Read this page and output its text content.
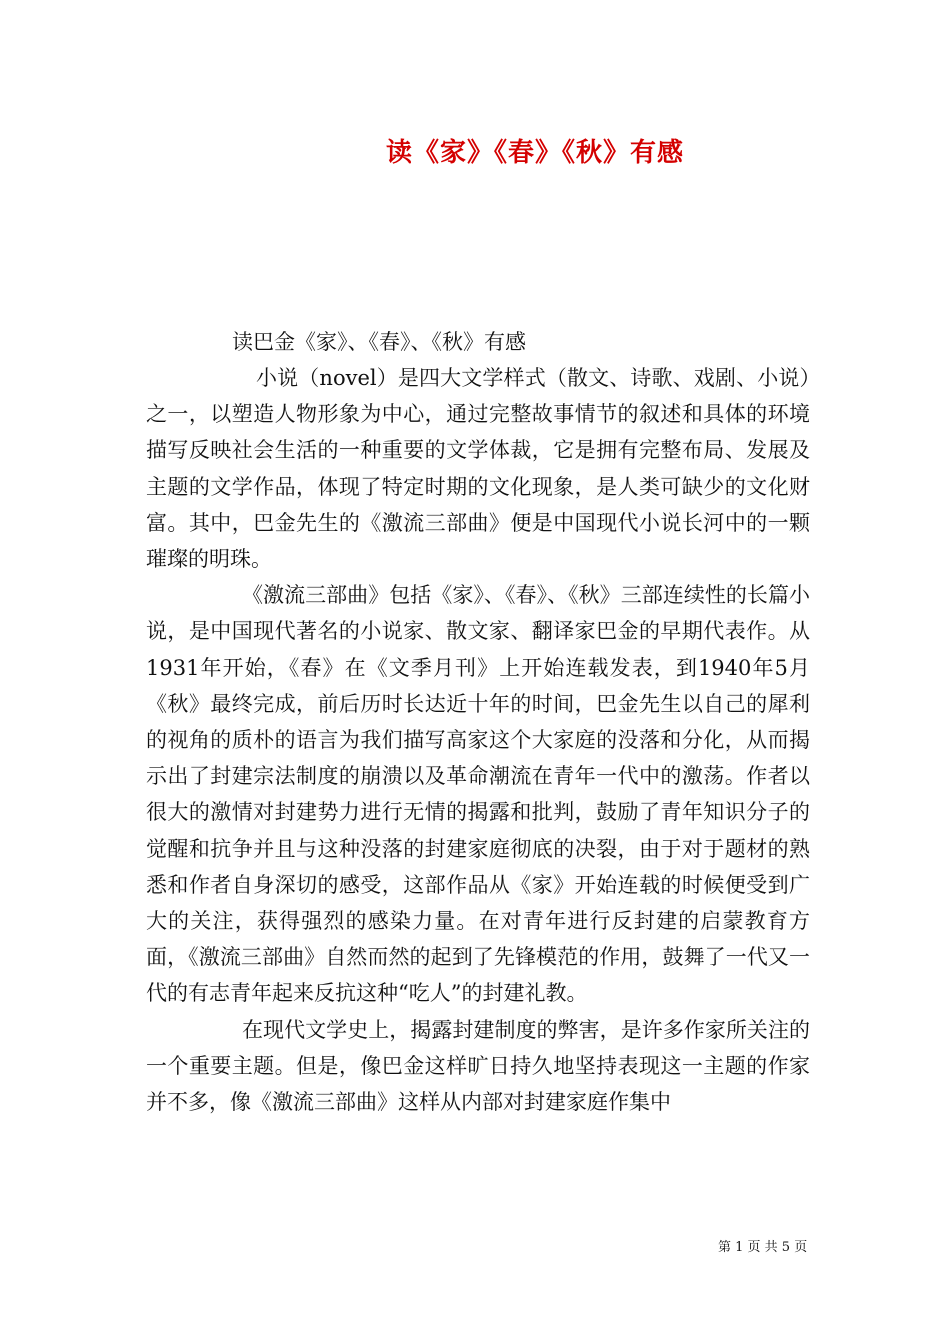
读《家》《春》《秋》有感
读巴金《家》、《春》、《秋》有感

小说（novel）是四大文学样式（散文、诗歌、戏剧、小说）之一，以塑造人物形象为中心，通过完整故事情节的叙述和具体的环境描写反映社会生活的一种重要的文学体裁，它是拥有完整布局、发展及主题的文学作品，体现了特定时期的文化现象，是人类可缺少的文化财富。其中，巴金先生的《激流三部曲》便是中国现代小说长河中的一颗璀璨的明珠。

《激流三部曲》包括《家》、《春》、《秋》三部连续性的长篇小说，是中国现代著名的小说家、散文家、翻译家巴金的早期代表作。从1931年开始，《春》在《文季月刊》上开始连载发表，到1940年5月《秋》最终完成，前后历时长达近十年的时间，巴金先生以自己的犀利的视角的质朴的语言为我们描写高家这个大家庭的没落和分化，从而揭示出了封建宗法制度的崩溃以及革命潮流在青年一代中的激荡。作者以很大的激情对封建势力进行无情的揭露和批判，鼓励了青年知识分子的觉醒和抗争并且与这种没落的封建家庭彻底的决裂，由于对于题材的熟悉和作者自身深切的感受，这部作品从《家》开始连载的时候便受到广大的关注，获得强烈的感染力量。在对青年进行反封建的启蒙教育方面，《激流三部曲》自然而然的起到了先锋模范的作用，鼓舞了一代又一代的有志青年起来反抗这种“吃人”的封建礼教。

在现代文学史上，揭露封建制度的弊害，是许多作家所关注的一个重要主题。但是，像巴金这样旷日持久地坚持表现这一主题的作家并不多，像《激流三部曲》这样从内部对封建家庭作集中

第 1 页 共 5 页
